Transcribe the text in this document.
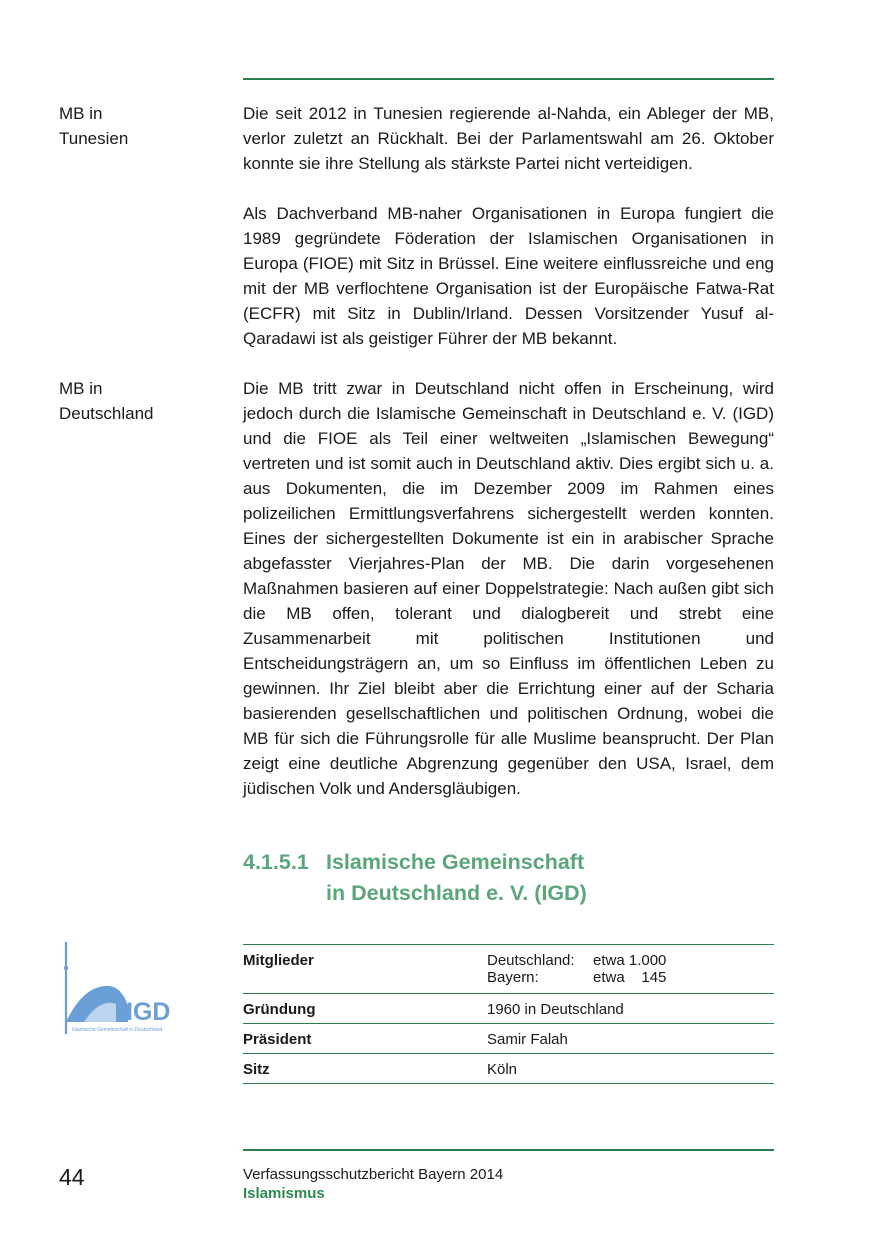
MB in
Tunesien

Die seit 2012 in Tunesien regierende al-Nahda, ein Ableger der MB, verlor zuletzt an Rückhalt. Bei der Parlamentswahl am 26. Oktober konnte sie ihre Stellung als stärkste Partei nicht verteidigen.

Als Dachverband MB-naher Organisationen in Europa fungiert die 1989 gegründete Föderation der Islamischen Organisationen in Europa (FIOE) mit Sitz in Brüssel. Eine weitere einflussreiche und eng mit der MB verflochtene Organisation ist der Europäische Fatwa-Rat (ECFR) mit Sitz in Dublin/Irland. Dessen Vorsitzender Yusuf al-Qaradawi ist als geistiger Führer der MB bekannt.

MB in
Deutschland

Die MB tritt zwar in Deutschland nicht offen in Erscheinung, wird jedoch durch die Islamische Gemeinschaft in Deutschland e. V. (IGD) und die FIOE als Teil einer weltweiten „Islamischen Bewegung“ vertreten und ist somit auch in Deutschland aktiv. Dies ergibt sich u. a. aus Dokumenten, die im Dezember 2009 im Rahmen eines polizeilichen Ermittlungsverfahrens sichergestellt werden konnten. Eines der sichergestellten Dokumente ist ein in arabischer Sprache abgefasster Vierjahres-Plan der MB. Die darin vorgesehenen Maßnahmen basieren auf einer Doppelstrategie: Nach außen gibt sich die MB offen, tolerant und dialogbereit und strebt eine Zusammenarbeit mit politischen Institutionen und Entscheidungsträgern an, um so Einfluss im öffentlichen Leben zu gewinnen. Ihr Ziel bleibt aber die Errichtung einer auf der Scharia basierenden gesellschaftlichen und politischen Ordnung, wobei die MB für sich die Führungsrolle für alle Muslime beansprucht. Der Plan zeigt eine deutliche Abgrenzung gegenüber den USA, Israel, dem jüdischen Volk und Andersgläubigen.

4.1.5.1 Islamische Gemeinschaft
in Deutschland e. V. (IGD)
IGD
Islamische Gemeinschaft in Deutschland
Mitglieder	Deutschland: etwa 1.000
Bayern:	etwa    145
Gründung	1960 in Deutschland
Präsident	Samir Falah
Sitz	Köln
44	Verfassungsschutzbericht Bayern 2014
Islamismus
